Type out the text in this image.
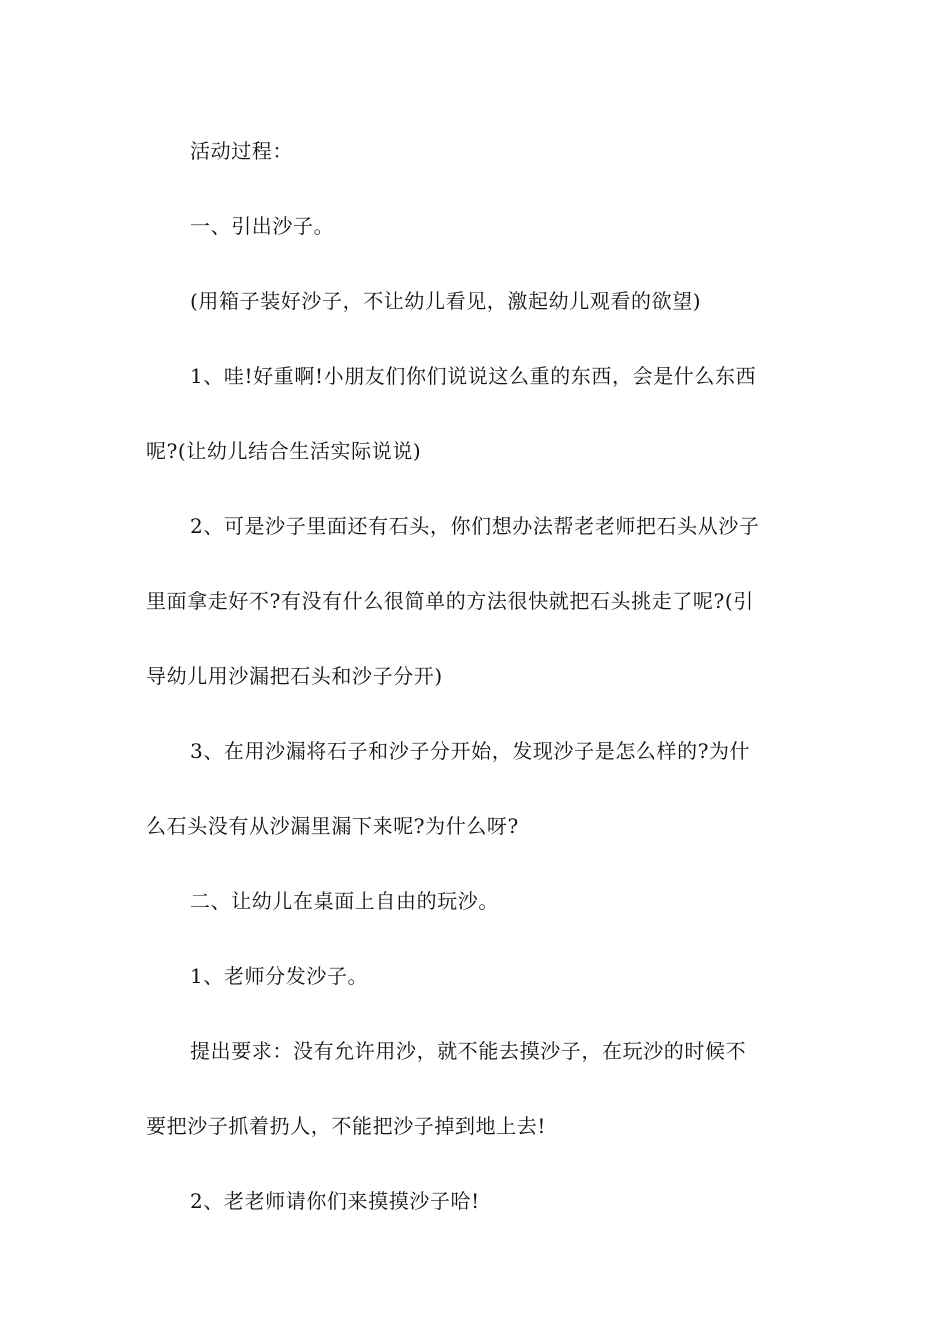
活动过程：
一、引出沙子。
(用箱子装好沙子，不让幼儿看见，激起幼儿观看的欲望)
1、哇!好重啊!小朋友们你们说说这么重的东西，会是什么东西
呢?(让幼儿结合生活实际说说)
2、可是沙子里面还有石头，你们想办法帮老老师把石头从沙子
里面拿走好不?有没有什么很简单的方法很快就把石头挑走了呢?(引
导幼儿用沙漏把石头和沙子分开)
3、在用沙漏将石子和沙子分开始，发现沙子是怎么样的?为什
么石头没有从沙漏里漏下来呢?为什么呀?
二、让幼儿在桌面上自由的玩沙。
1、老师分发沙子。
提出要求：没有允许用沙，就不能去摸沙子，在玩沙的时候不
要把沙子抓着扔人，不能把沙子掉到地上去!
2、老老师请你们来摸摸沙子哈!
